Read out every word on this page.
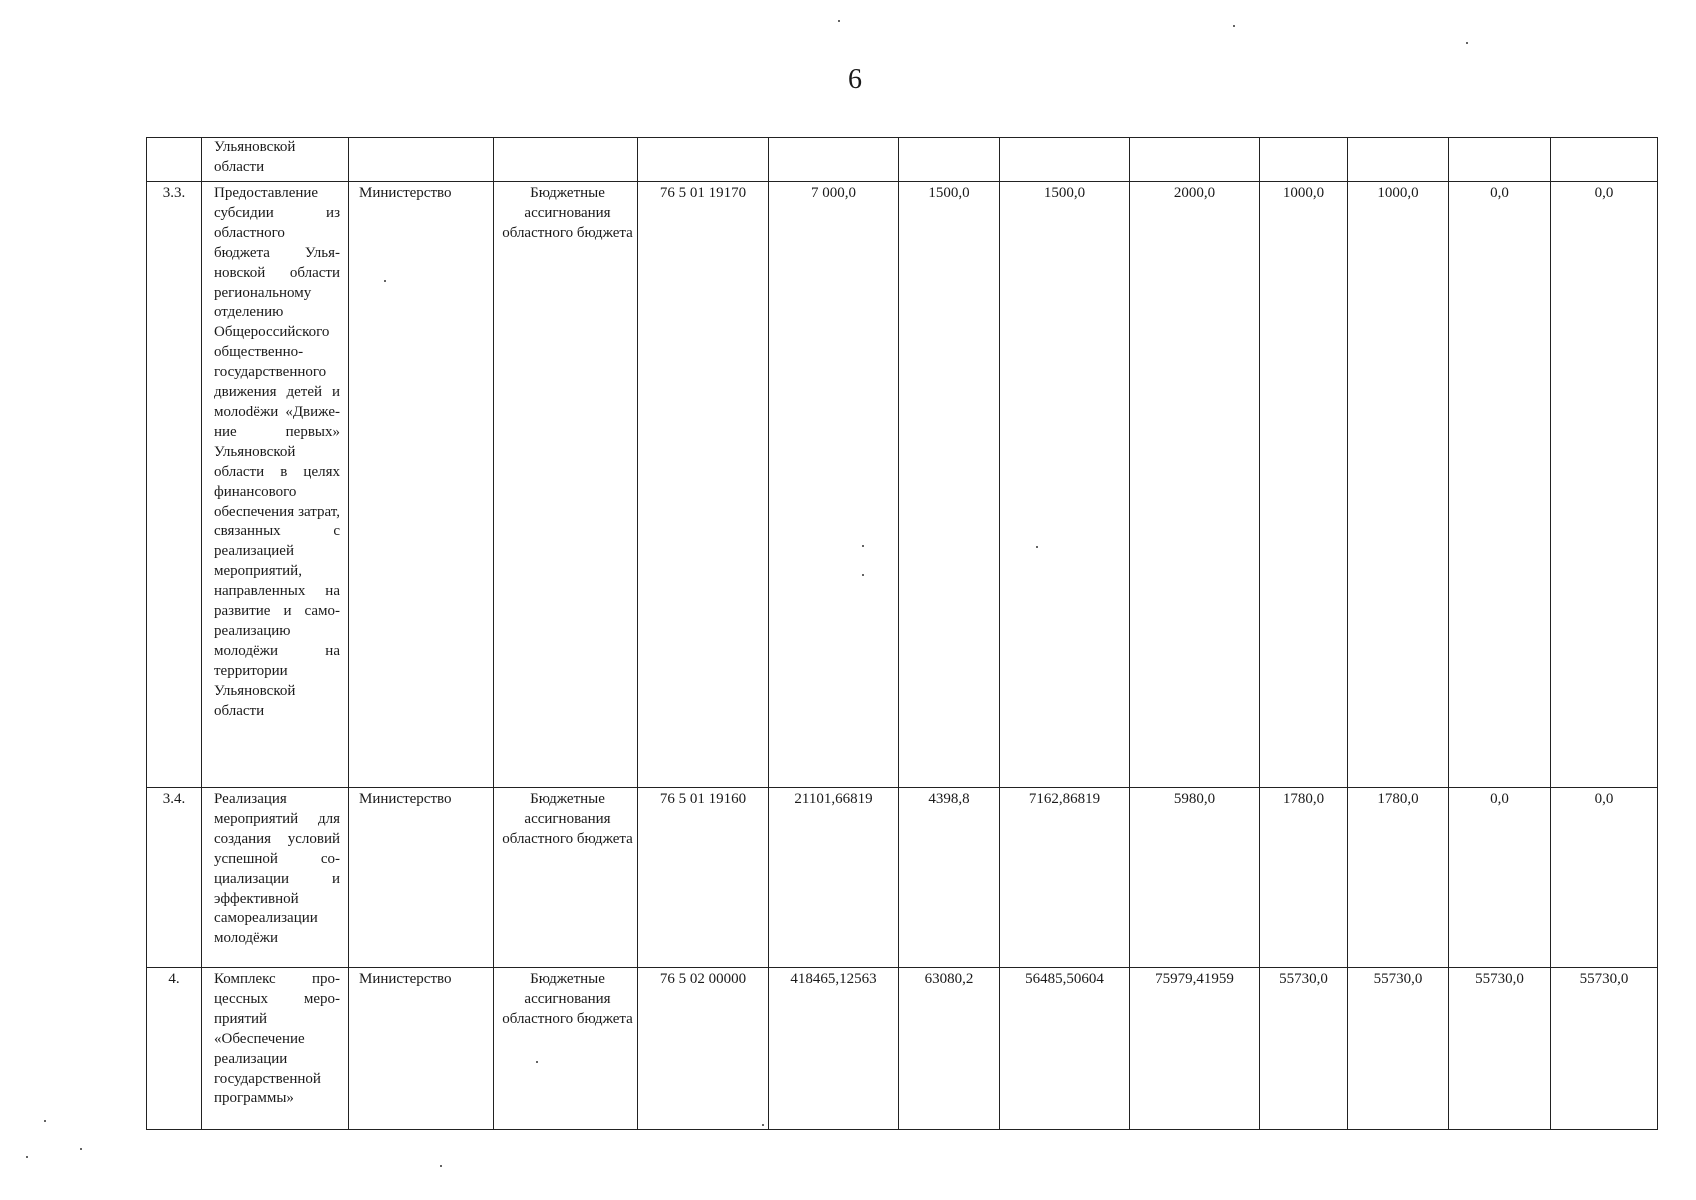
6
	Ульяновской области											
3.3.	Предоставление субсидии из областного бюджета Ульяновской области региональному отделению Общероссийского общественно-государственного движения детей и молоdёжи «Движение первых» Ульяновской области в целях финансового обеспечения затрат, связанных с реализацией мероприятий, направленных на развитие и самореализацию молодёжи на территории Ульяновской области	Министерство	Бюджетные ассигнования областного бюджета	76 5 01 19170	7 000,0	1500,0	1500,0	2000,0	1000,0	1000,0	0,0	0,0
3.4.	Реализация мероприятий для создания условий успешной социализации и эффективной самореализации молодёжи	Министерство	Бюджетные ассигнования областного бюджета	76 5 01 19160	21101,66819	4398,8	7162,86819	5980,0	1780,0	1780,0	0,0	0,0
4.	Комплекс процессных мероприятий «Обеспечение реализации государственной программы»	Министерство	Бюджетные ассигнования областного бюджета	76 5 02 00000	418465,12563	63080,2	56485,50604	75979,41959	55730,0	55730,0	55730,0	55730,0
